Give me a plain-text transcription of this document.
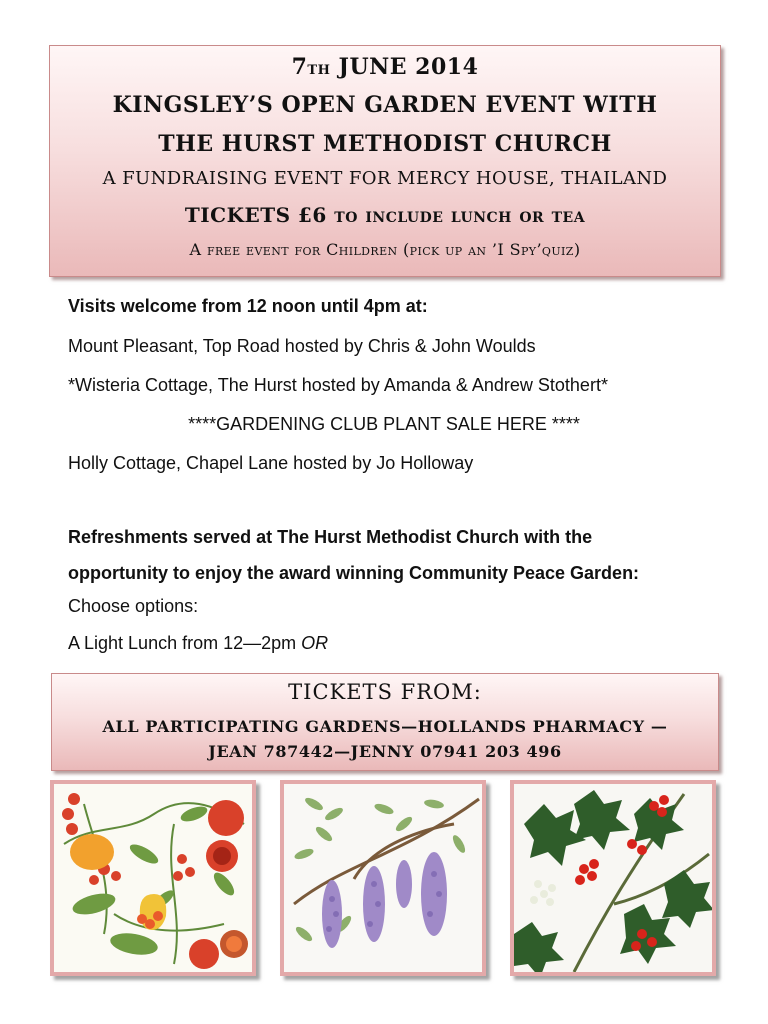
7th JUNE 2014
KINGSLEY’S OPEN GARDEN EVENT WITH
THE HURST METHODIST CHURCH
A FUNDRAISING EVENT FOR MERCY HOUSE, THAILAND
TICKETS £6 to include lunch or tea
A free event for Children (pick up an ’I Spy’quiz)
Visits welcome from 12 noon until 4pm at:
Mount Pleasant, Top Road hosted by Chris & John Woulds
*Wisteria Cottage, The Hurst hosted by Amanda & Andrew Stothert*
****GARDENING CLUB PLANT SALE HERE ****
Holly Cottage, Chapel Lane hosted by Jo Holloway
Refreshments served at The Hurst Methodist Church with the
opportunity to enjoy the award winning Community Peace Garden:
Choose options:
A Light Lunch from 12—2pm OR
TICKETS FROM:
ALL PARTICIPATING GARDENS—HOLLANDS PHARMACY —
JEAN 787442—JENNY 07941 203 496
